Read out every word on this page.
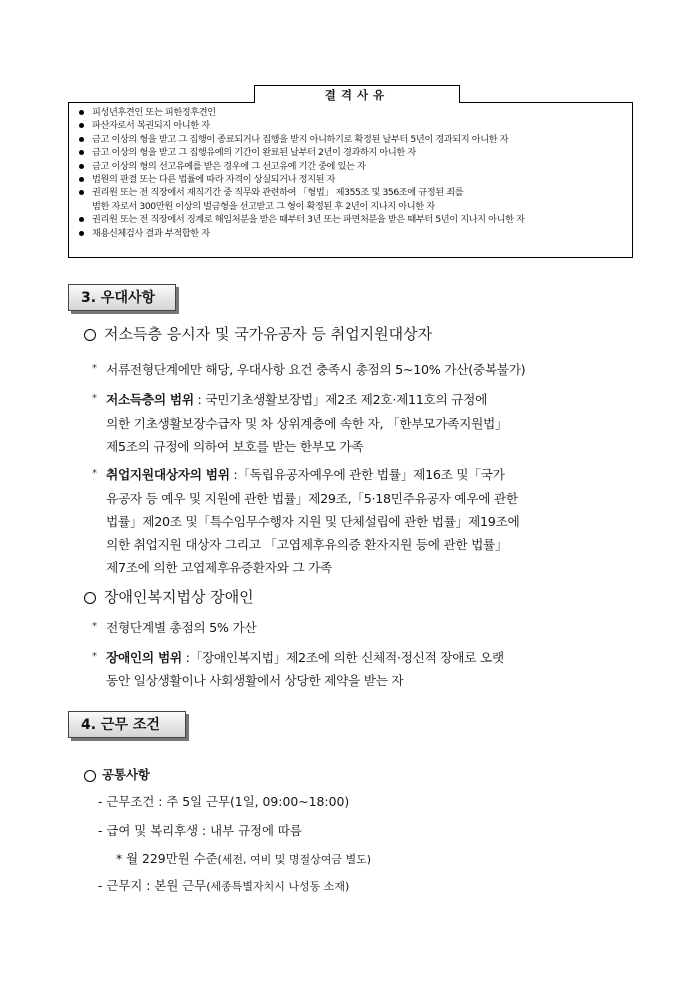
피성년후견인 또는 피한정후견인
파산자로서 복권되지 아니한 자
금고 이상의 형을 받고 그 집행이 종료되거나 집행을 받지 아니하기로 확정된 날부터 5년이 경과되지 아니한 자
금고 이상의 형을 받고 그 집행유예의 기간이 완료된 날부터 2년이 경과하지 아니한 자
금고 이상의 형의 선고유예를 받은 경우에 그 선고유예 기간 중에 있는 자
법원의 판결 또는 다른 법률에 따라 자격이 상실되거나 정지된 자
권리원 또는 전 직장에서 재직기간 중 직무와 관련하여 「형법」 제355조 및 356조에 규정된 죄를
범한 자로서 300만원 이상의 벌금형을 선고받고 그 형이 확정된 후 2년이 지나지 아니한 자
권리원 또는 전 직장에서 징계로 해임처분을 받은 때부터 3년 또는 파면처분을 받은 때부터 5년이 지나지 아니한 자
채용신체검사 결과 부적합한 자
결격사유
3. 우대사항
저소득층 응시자 및 국가유공자 등 취업지원대상자
* 서류전형단계에만 해당, 우대사항 요건 충족시 총점의 5~10% 가산(중복불가)
* 저소득층의 범위 : 국민기초생활보장법」제2조 제2호·제11호의 규정에
의한 기초생활보장수급자 및 차 상위계층에 속한 자, 「한부모가족지원법」
제5조의 규정에 의하여 보호를 받는 한부모 가족
* 취업지원대상자의 범위 :「독립유공자예우에 관한 법률」제16조 및「국가
유공자 등 예우 및 지원에 관한 법률」제29조,「5·18민주유공자 예우에 관한
법률」제20조 및「특수임무수행자 지원 및 단체설립에 관한 법률」제19조에
의한 취업지원 대상자 그리고 「고엽제후유의증 환자지원 등에 관한 법률」
제7조에 의한 고엽제후유증환자와 그 가족
장애인복지법상 장애인
* 전형단계별 총점의 5% 가산
* 장애인의 범위 :「장애인복지법」제2조에 의한 신체적·정신적 장애로 오랫
동안 일상생활이나 사회생활에서 상당한 제약을 받는 자
4. 근무 조건
공통사항
- 근무조건 : 주 5일 근무(1일, 09:00~18:00)
- 급여 및 복리후생 : 내부 규정에 따름
* 월 229만원 수준(세전, 여비 및 명절상여금 별도)
- 근무지 : 본원 근무(세종특별자치시 나성동 소재)
